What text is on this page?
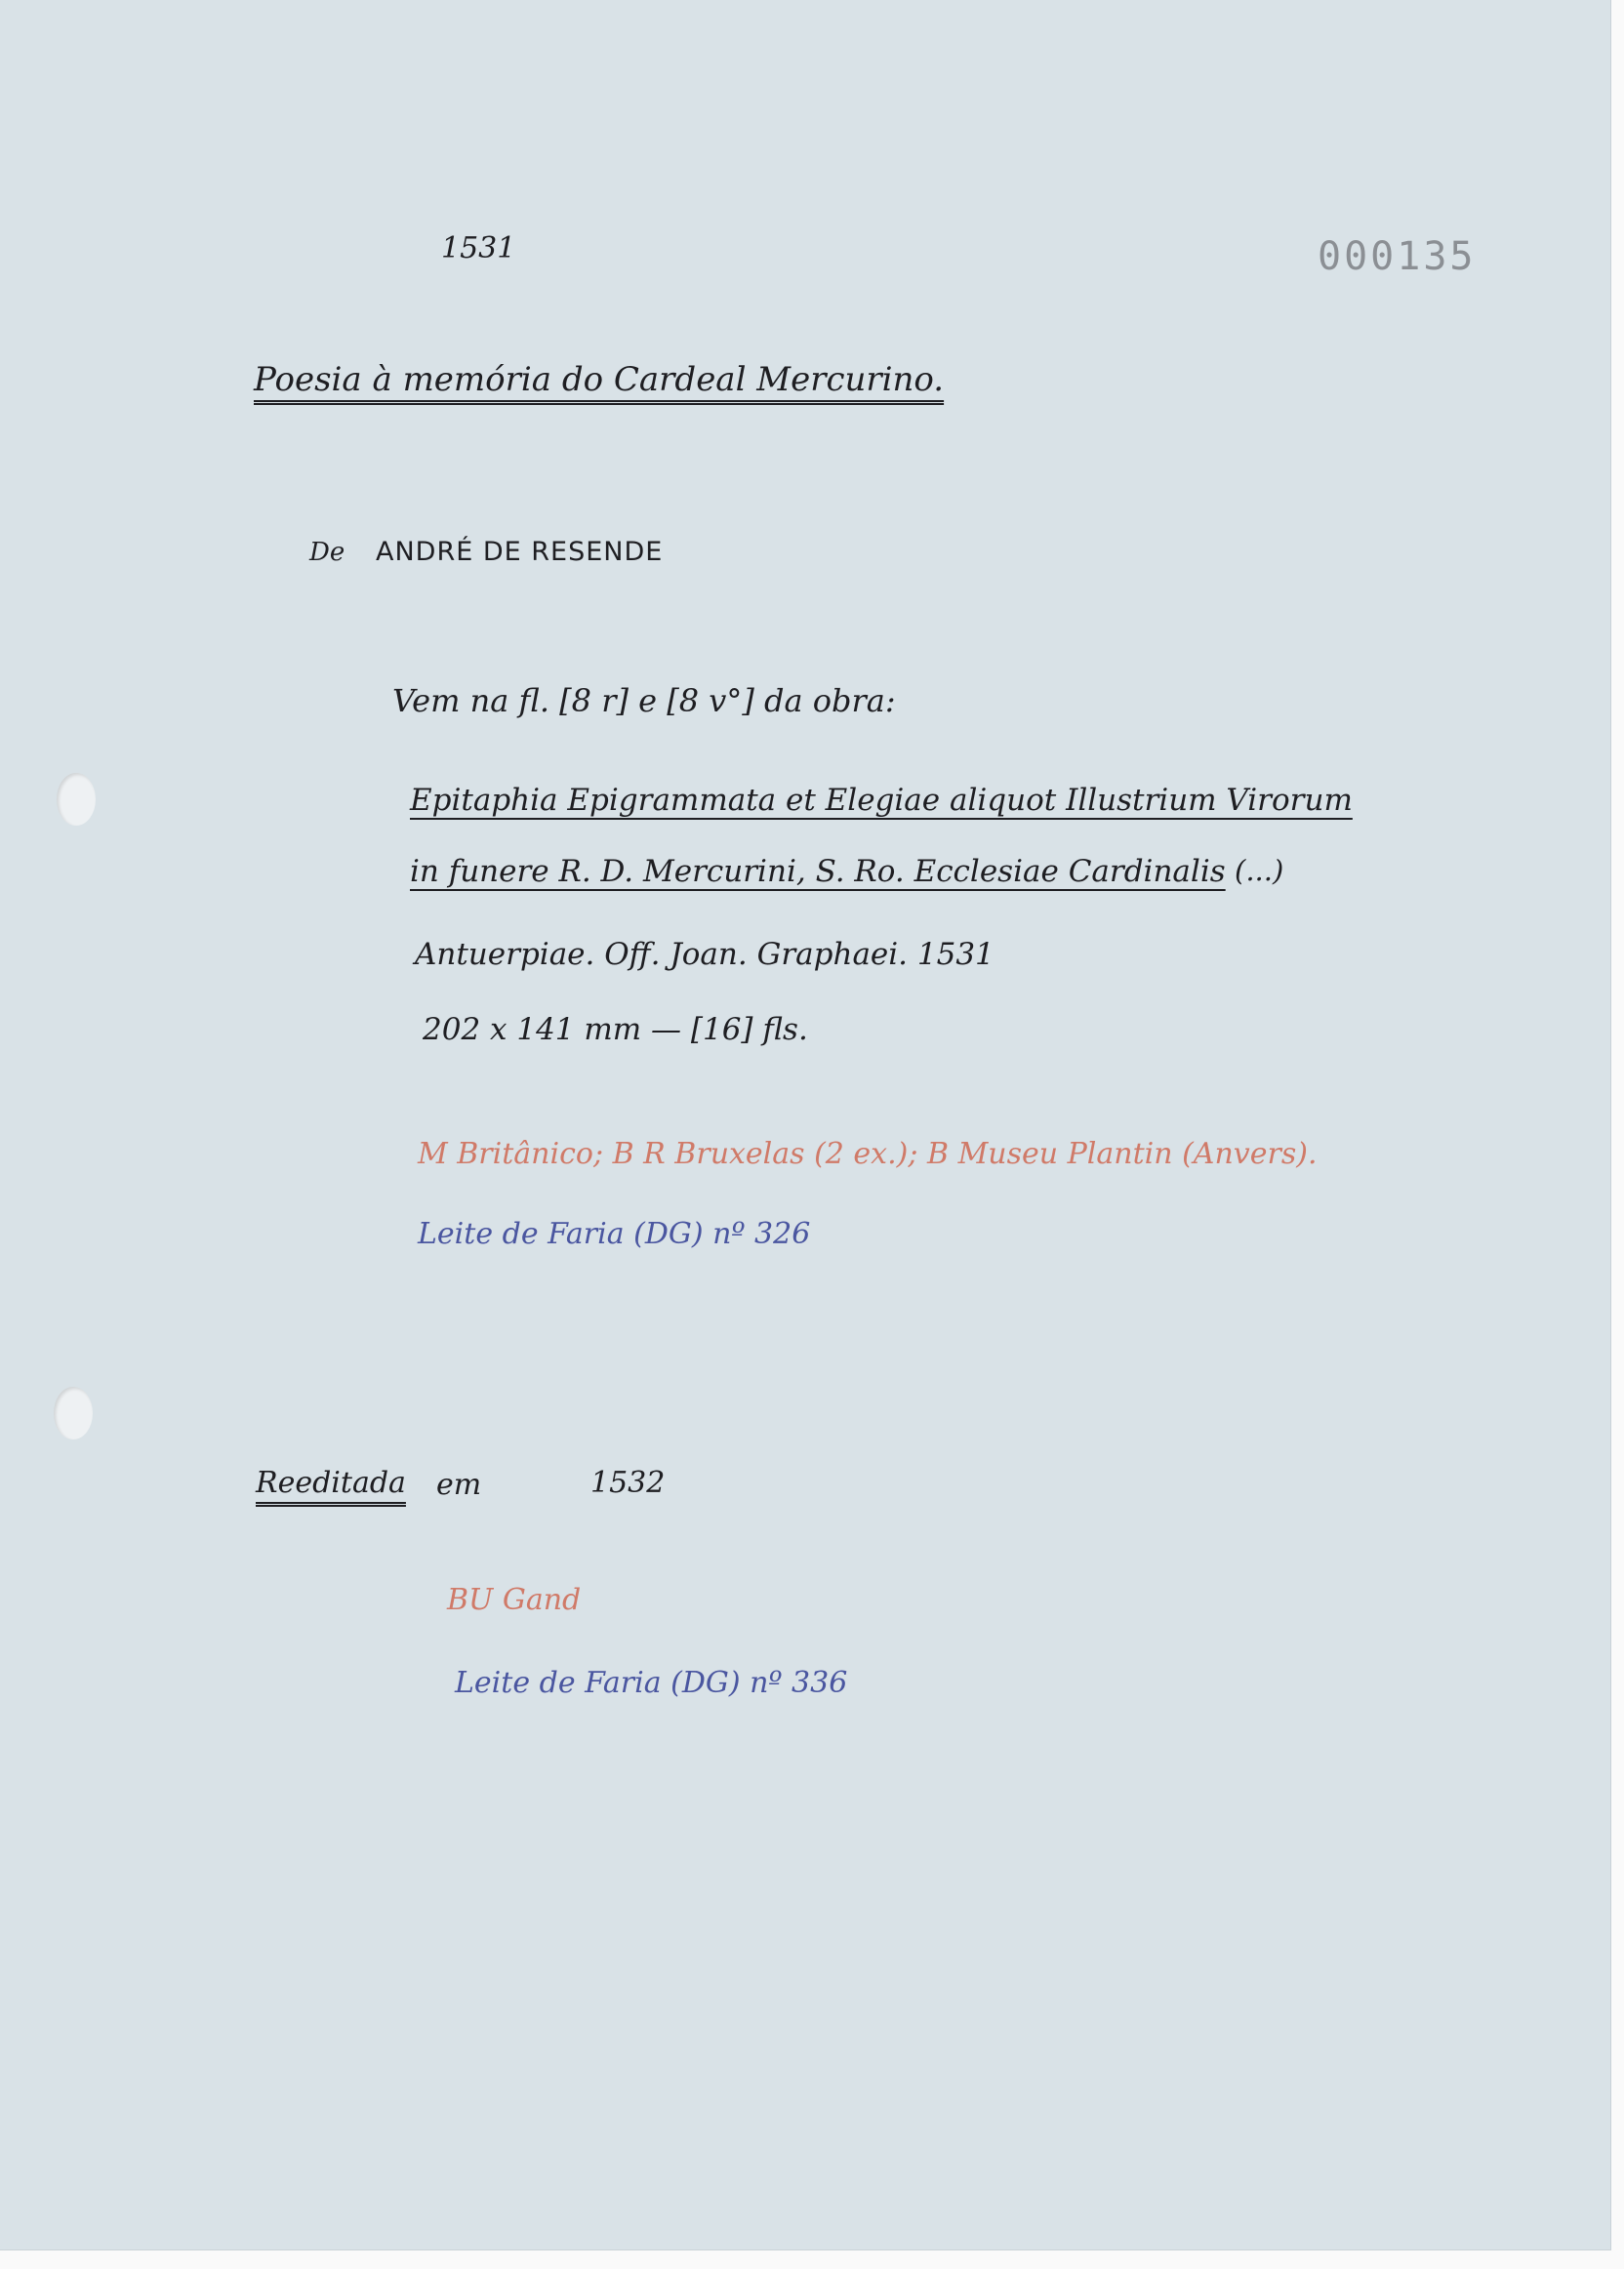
1531	000135
Poesia à memória do Cardeal Mercurino.
De ANDRÉ DE RESENDE
Vem na fl. [8 r] e [8 v°] da obra:
Epitaphia Epigrammata et Elegiae aliquot Illustrium Virorum
in funere R. D. Mercurini, S. Ro. Ecclesiae Cardinalis (...)
Antuerpiae. Off. Joan. Graphaei. 1531
202 x 141 mm — [16] fls.
M Britânico; B R Bruxelas (2 ex.); B Museu Plantin (Anvers).
Leite de Faria (DG) nº 326
Reeditada em	1532
BU Gand
Leite de Faria (DG) nº 336
